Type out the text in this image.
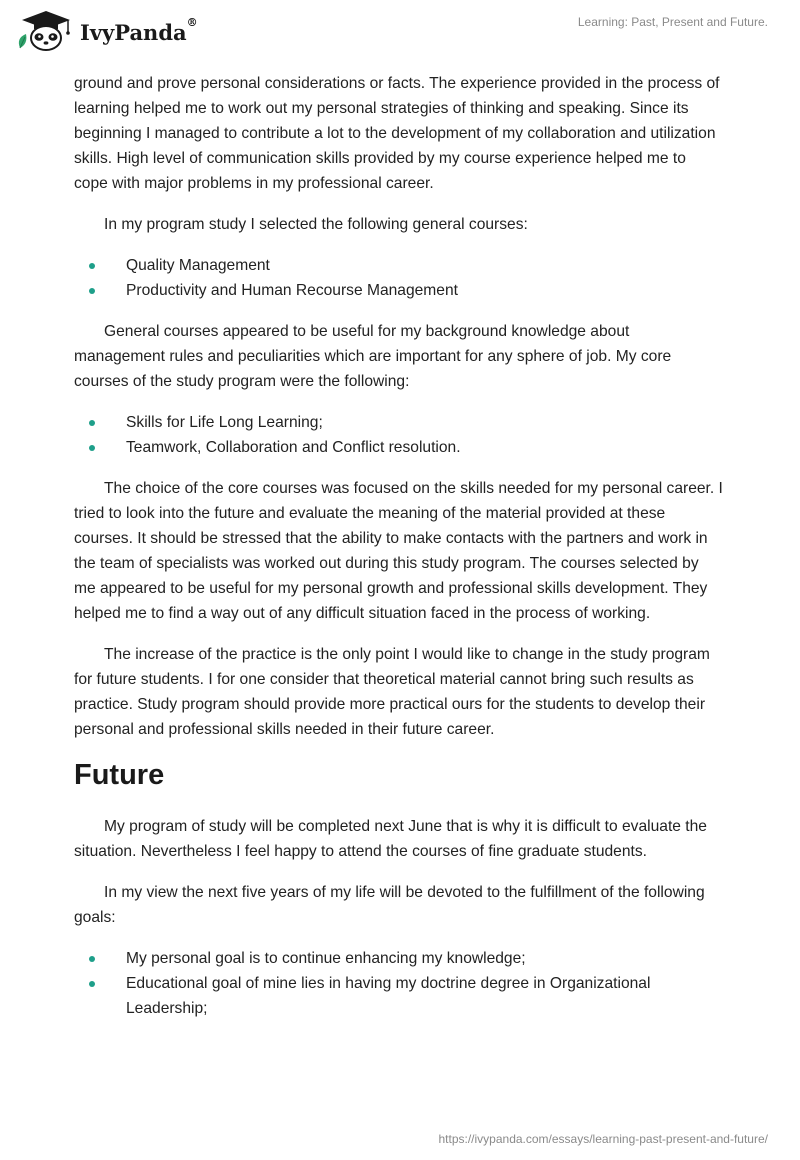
IvyPanda®	Learning: Past, Present and Future.

ground and prove personal considerations or facts. The experience provided in the process of learning helped me to work out my personal strategies of thinking and speaking. Since its beginning I managed to contribute a lot to the development of my collaboration and utilization skills. High level of communication skills provided by my course experience helped me to cope with major problems in my professional career.

In my program study I selected the following general courses:

Quality Management
Productivity and Human Recourse Management

General courses appeared to be useful for my background knowledge about management rules and peculiarities which are important for any sphere of job. My core courses of the study program were the following:

Skills for Life Long Learning;
Teamwork, Collaboration and Conflict resolution.

The choice of the core courses was focused on the skills needed for my personal career. I tried to look into the future and evaluate the meaning of the material provided at these courses. It should be stressed that the ability to make contacts with the partners and work in the team of specialists was worked out during this study program. The courses selected by me appeared to be useful for my personal growth and professional skills development. They helped me to find a way out of any difficult situation faced in the process of working.

The increase of the practice is the only point I would like to change in the study program for future students. I for one consider that theoretical material cannot bring such results as practice. Study program should provide more practical ours for the students to develop their personal and professional skills needed in their future career.

Future

My program of study will be completed next June that is why it is difficult to evaluate the situation. Nevertheless I feel happy to attend the courses of fine graduate students.

In my view the next five years of my life will be devoted to the fulfillment of the following goals:

My personal goal is to continue enhancing my knowledge;
Educational goal of mine lies in having my doctrine degree in Organizational Leadership;
https://ivypanda.com/essays/learning-past-present-and-future/
